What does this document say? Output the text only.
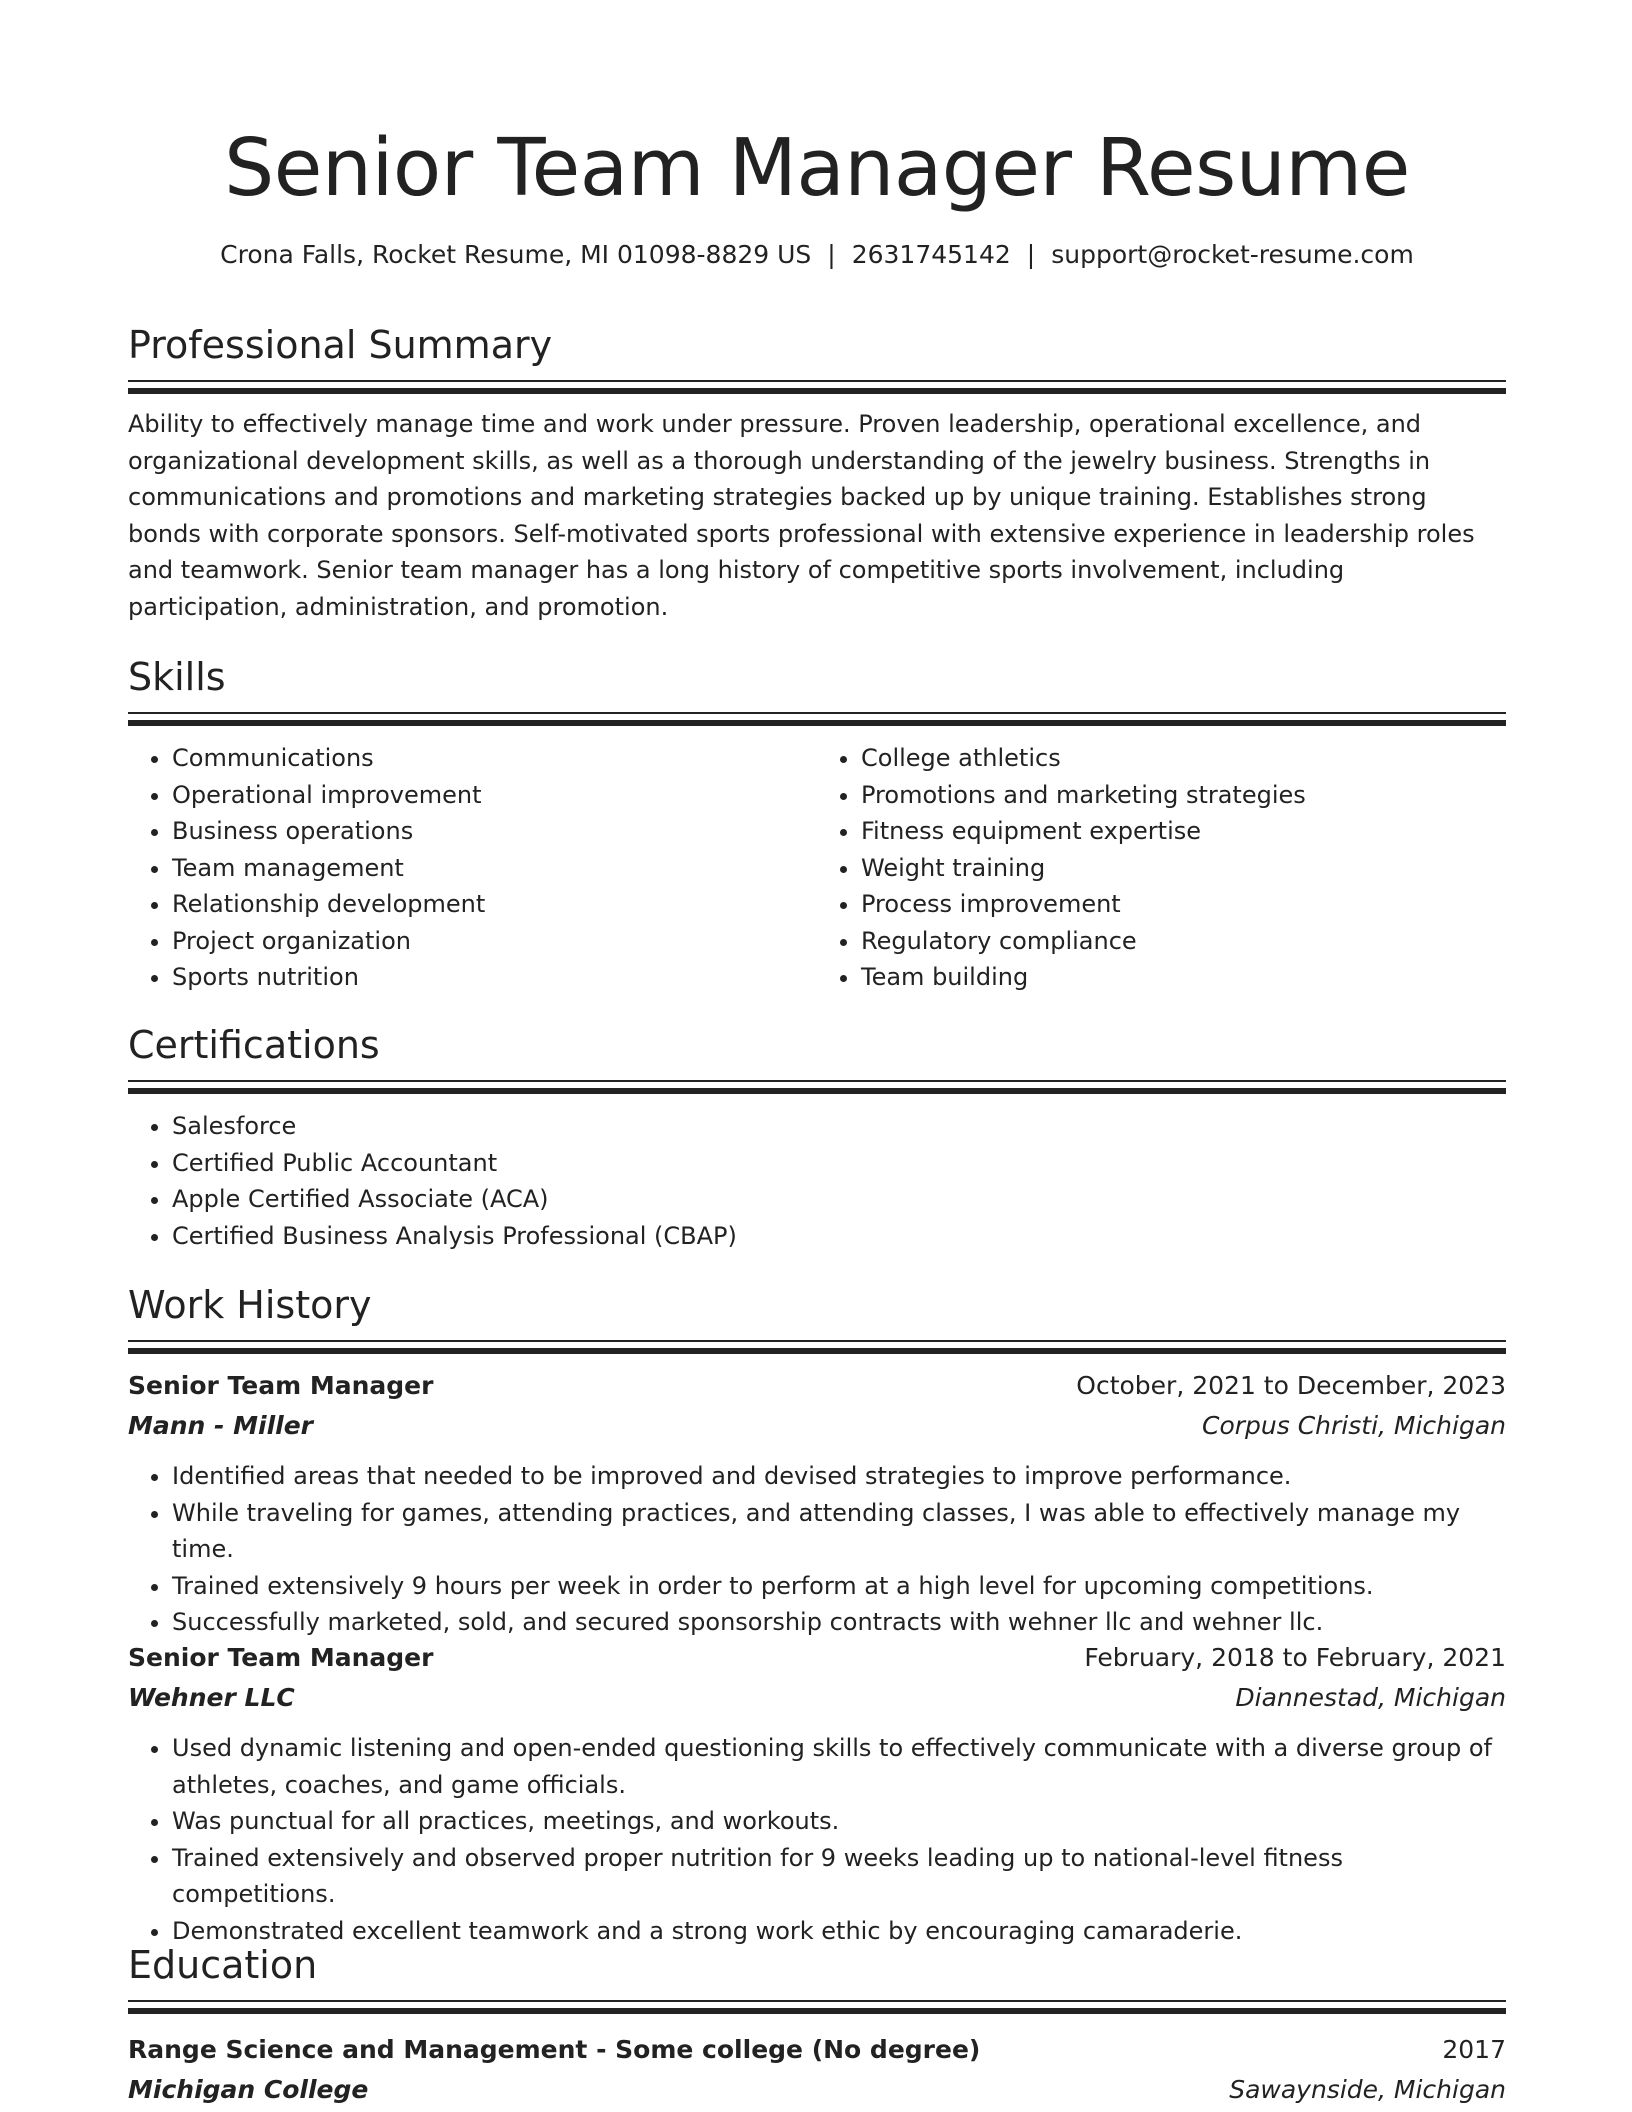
Senior Team Manager Resume
Crona Falls, Rocket Resume, MI 01098-8829 US | 2631745142 | support@rocket-resume.com
Professional Summary

Ability to effectively manage time and work under pressure. Proven leadership, operational excellence, and organizational development skills, as well as a thorough understanding of the jewelry business. Strengths in communications and promotions and marketing strategies backed up by unique training. Establishes strong bonds with corporate sponsors. Self-motivated sports professional with extensive experience in leadership roles and teamwork. Senior team manager has a long history of competitive sports involvement, including participation, administration, and promotion.

Skills
• Communications
• Operational improvement
• Business operations
• Team management
• Relationship development
• Project organization
• Sports nutrition
• College athletics
• Promotions and marketing strategies
• Fitness equipment expertise
• Weight training
• Process improvement
• Regulatory compliance
• Team building
Certifications
• Salesforce
• Certified Public Accountant
• Apple Certified Associate (ACA)
• Certified Business Analysis Professional (CBAP)
Work History
Senior Team Manager	October, 2021 to December, 2023
Mann - Miller	Corpus Christi, Michigan
• Identified areas that needed to be improved and devised strategies to improve performance.
• While traveling for games, attending practices, and attending classes, I was able to effectively manage my time.
• Trained extensively 9 hours per week in order to perform at a high level for upcoming competitions.
• Successfully marketed, sold, and secured sponsorship contracts with wehner llc and wehner llc.
Senior Team Manager	February, 2018 to February, 2021
Wehner LLC	Diannestad, Michigan
• Used dynamic listening and open-ended questioning skills to effectively communicate with a diverse group of athletes, coaches, and game officials.
• Was punctual for all practices, meetings, and workouts.
• Trained extensively and observed proper nutrition for 9 weeks leading up to national-level fitness competitions.
• Demonstrated excellent teamwork and a strong work ethic by encouraging camaraderie.
Education
Range Science and Management - Some college (No degree)	2017
Michigan College	Sawaynside, Michigan
